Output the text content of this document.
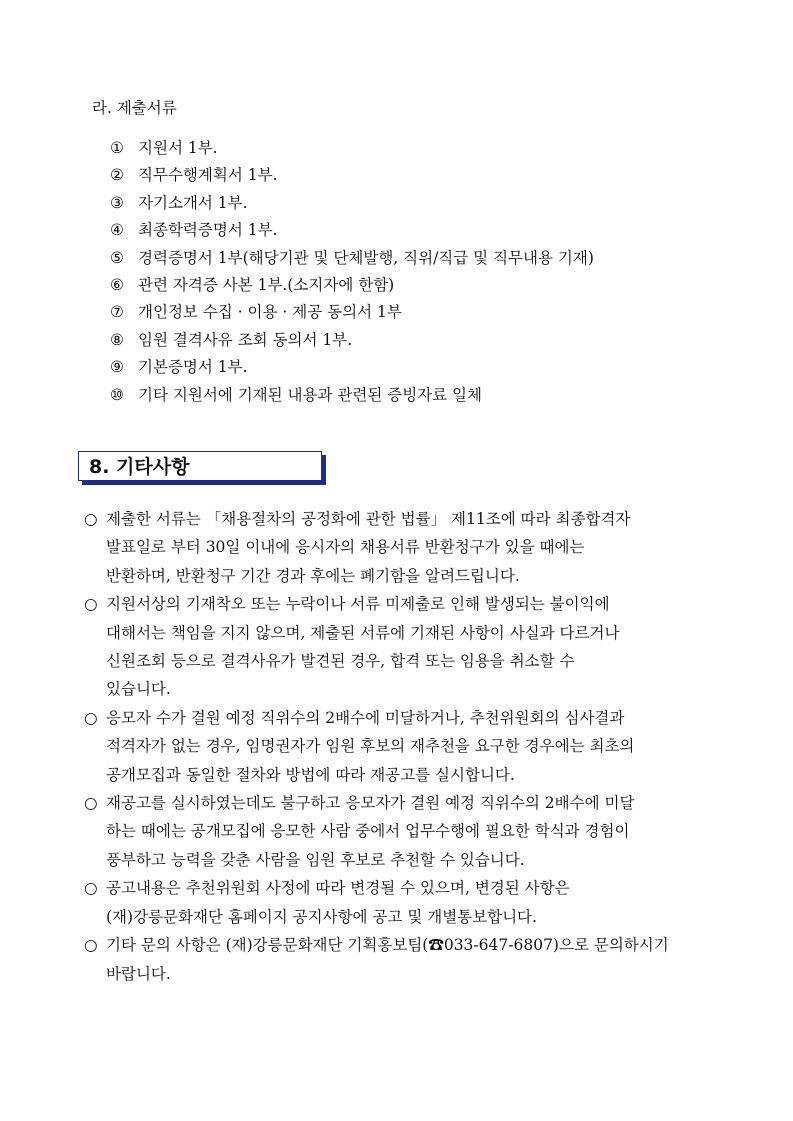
라. 제출서류
① 지원서 1부.
② 직무수행계획서 1부.
③ 자기소개서 1부.
④ 최종학력증명서 1부.
⑤ 경력증명서 1부(해당기관 및 단체발행, 직위/직급 및 직무내용 기재)
⑥ 관련 자격증 사본 1부.(소지자에 한함)
⑦ 개인정보 수집 · 이용 · 제공 동의서 1부
⑧ 임원 결격사유 조회 동의서 1부.
⑨ 기본증명서 1부.
⑩ 기타 지원서에 기재된 내용과 관련된 증빙자료 일체
8. 기타사항
○ 제출한 서류는 「채용절차의 공정화에 관한 법률」 제11조에 따라 최종합격자
발표일로 부터 30일 이내에 응시자의 채용서류 반환청구가 있을 때에는
반환하며, 반환청구 기간 경과 후에는 폐기함을 알려드립니다.
○ 지원서상의 기재착오 또는 누락이나 서류 미제출로 인해 발생되는 불이익에
대해서는 책임을 지지 않으며, 제출된 서류에 기재된 사항이 사실과 다르거나
신원조회 등으로 결격사유가 발견된 경우, 합격 또는 임용을 취소할 수
있습니다.
○ 응모자 수가 결원 예정 직위수의 2배수에 미달하거나, 추천위원회의 심사결과
적격자가 없는 경우, 임명권자가 임원 후보의 재추천을 요구한 경우에는 최초의
공개모집과 동일한 절차와 방법에 따라 재공고를 실시합니다.
○ 재공고를 실시하였는데도 불구하고 응모자가 결원 예정 직위수의 2배수에 미달
하는 때에는 공개모집에 응모한 사람 중에서 업무수행에 필요한 학식과 경험이
풍부하고 능력을 갖춘 사람을 임원 후보로 추천할 수 있습니다.
○ 공고내용은 추천위원회 사정에 따라 변경될 수 있으며, 변경된 사항은
(재)강릉문화재단 홈페이지 공지사항에 공고 및 개별통보합니다.
○ 기타 문의 사항은 (재)강릉문화재단 기획홍보팀(☎033-647-6807)으로 문의하시기
바랍니다.
